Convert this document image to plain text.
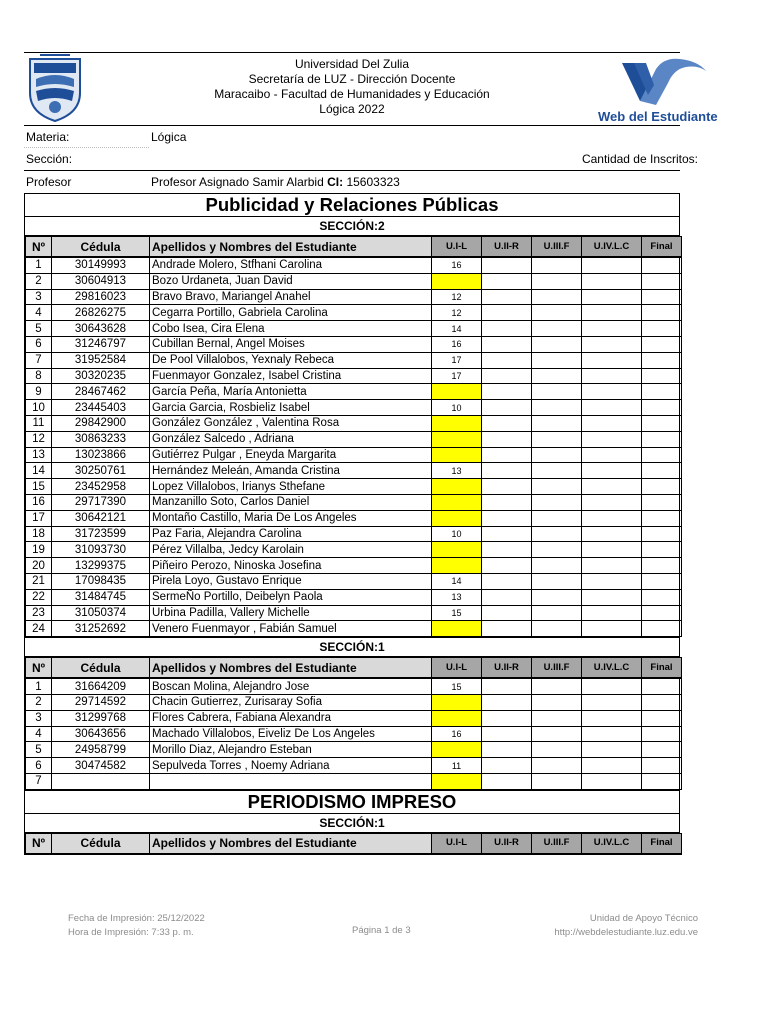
Universidad Del Zulia
Secretaría de LUZ - Dirección Docente
Maracaibo - Facultad de Humanidades y Educación
Lógica 2022	Web del Estudiante
Materia:	Lógica
Sección:	Cantidad de Inscritos:
Profesor	Profesor Asignado Samir Alarbid CI: 15603323
Publicidad y Relaciones Públicas
SECCIÓN:2
Nº	Cédula	Apellidos y Nombres del Estudiante	U.I-L	U.II-R	U.III.F	U.IV.L.C	Final
1	30149993	Andrade Molero, Stfhani Carolina	16				
2	30604913	Bozo Urdaneta, Juan David					
3	29816023	Bravo Bravo, Mariangel Anahel	12				
4	26826275	Cegarra Portillo, Gabriela Carolina	12				
5	30643628	Cobo Isea, Cira Elena	14				
6	31246797	Cubillan Bernal, Angel Moises	16				
7	31952584	De Pool Villalobos, Yexnaly Rebeca	17				
8	30320235	Fuenmayor Gonzalez, Isabel Cristina	17				
9	28467462	García Peña, María Antonietta					
10	23445403	Garcia Garcia, Rosbieliz Isabel	10				
11	29842900	González González , Valentina Rosa					
12	30863233	González Salcedo , Adriana					
13	13023866	Gutiérrez Pulgar , Eneyda Margarita					
14	30250761	Hernández Meleán, Amanda Cristina	13				
15	23452958	Lopez Villalobos, Irianys Sthefane					
16	29717390	Manzanillo Soto, Carlos Daniel					
17	30642121	Montaño Castillo, Maria De Los Angeles					
18	31723599	Paz Faria, Alejandra Carolina	10				
19	31093730	Pérez Villalba, Jedcy Karolain					
20	13299375	Piñeiro Perozo, Ninoska Josefina					
21	17098435	Pirela Loyo, Gustavo Enrique	14				
22	31484745	SermeÑo Portillo, Deibelyn Paola	13				
23	31050374	Urbina Padilla, Vallery Michelle	15				
24	31252692	Venero Fuenmayor , Fabián Samuel					
SECCIÓN:1
Nº	Cédula	Apellidos y Nombres del Estudiante	U.I-L	U.II-R	U.III.F	U.IV.L.C	Final
1	31664209	Boscan Molina, Alejandro Jose	15				
2	29714592	Chacin Gutierrez, Zurisaray Sofia					
3	31299768	Flores Cabrera, Fabiana Alexandra					
4	30643656	Machado Villalobos, Eiveliz De Los Angeles	16				
5	24958799	Morillo Diaz, Alejandro Esteban					
6	30474582	Sepulveda Torres , Noemy Adriana	11				
7							
PERIODISMO IMPRESO
SECCIÓN:1
Nº	Cédula	Apellidos y Nombres del Estudiante	U.I-L	U.II-R	U.III.F	U.IV.L.C	Final
Fecha de Impresión: 25/12/2022
Hora de Impresión: 7:33 p. m.	Página 1 de 3
Unidad de Apoyo Técnico
http://webdelestudiante.luz.edu.ve
